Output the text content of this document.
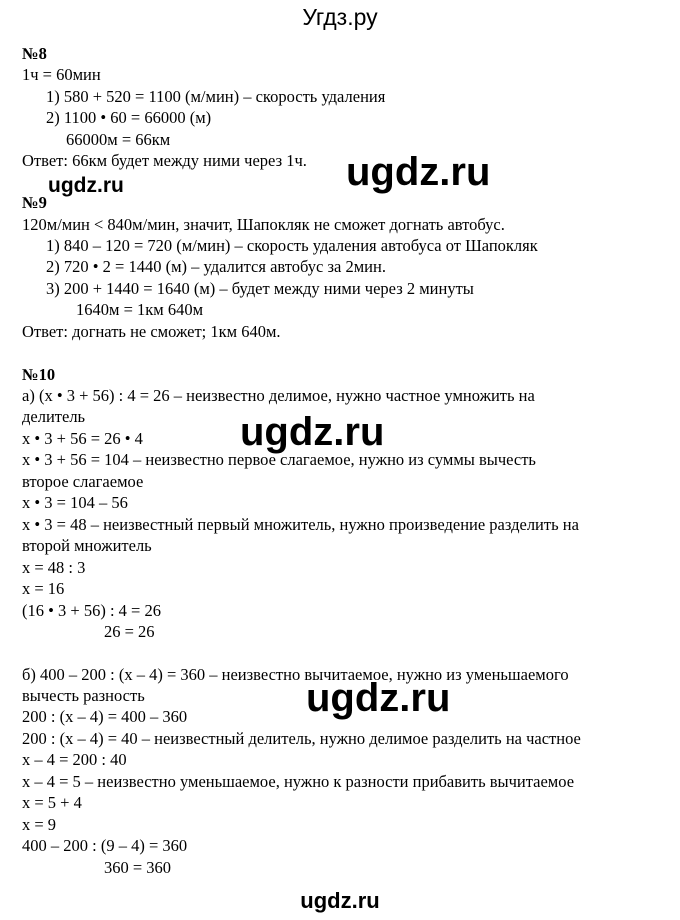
Угдз.ру
№8
1ч = 60мин
1) 580 + 520 = 1100 (м/мин) – скорость удаления
2) 1100 • 60 = 66000 (м)
66000м = 66км
Ответ: 66км будет между ними через 1ч. ugdz.ru
ugdz.ru
№9
120м/мин < 840м/мин, значит, Шапокляк не сможет догнать автобус.
1) 840 – 120 = 720 (м/мин) – скорость удаления автобуса от Шапокляк
2) 720 • 2 = 1440 (м) – удалится автобус за 2мин.
3) 200 + 1440 = 1640 (м) – будет между ними через 2 минуты
1640м = 1км 640м
Ответ: догнать не сможет; 1км 640м.
№10
а) (x • 3 + 56) : 4 = 26 – неизвестно делимое, нужно частное умножить на
делитель	ugdz.ru
x • 3 + 56 = 26 • 4
x • 3 + 56 = 104 – неизвестно первое слагаемое, нужно из суммы вычесть
второе слагаемое
x • 3 = 104 – 56
x • 3 = 48 – неизвестный первый множитель, нужно произведение разделить на
второй множитель
x = 48 : 3
x = 16
(16 • 3 + 56) : 4 = 26
26 = 26
б) 400 – 200 : (x – 4) = 360 – неизвестно вычитаемое, нужно из уменьшаемого
вычесть разность	ugdz.ru
200 : (x – 4) = 400 – 360
200 : (x – 4) = 40 – неизвестный делитель, нужно делимое разделить на частное
x – 4 = 200 : 40
x – 4 = 5 – неизвестно уменьшаемое, нужно к разности прибавить вычитаемое
x = 5 + 4
x = 9
400 – 200 : (9 – 4) = 360
360 = 360
ugdz.ru
